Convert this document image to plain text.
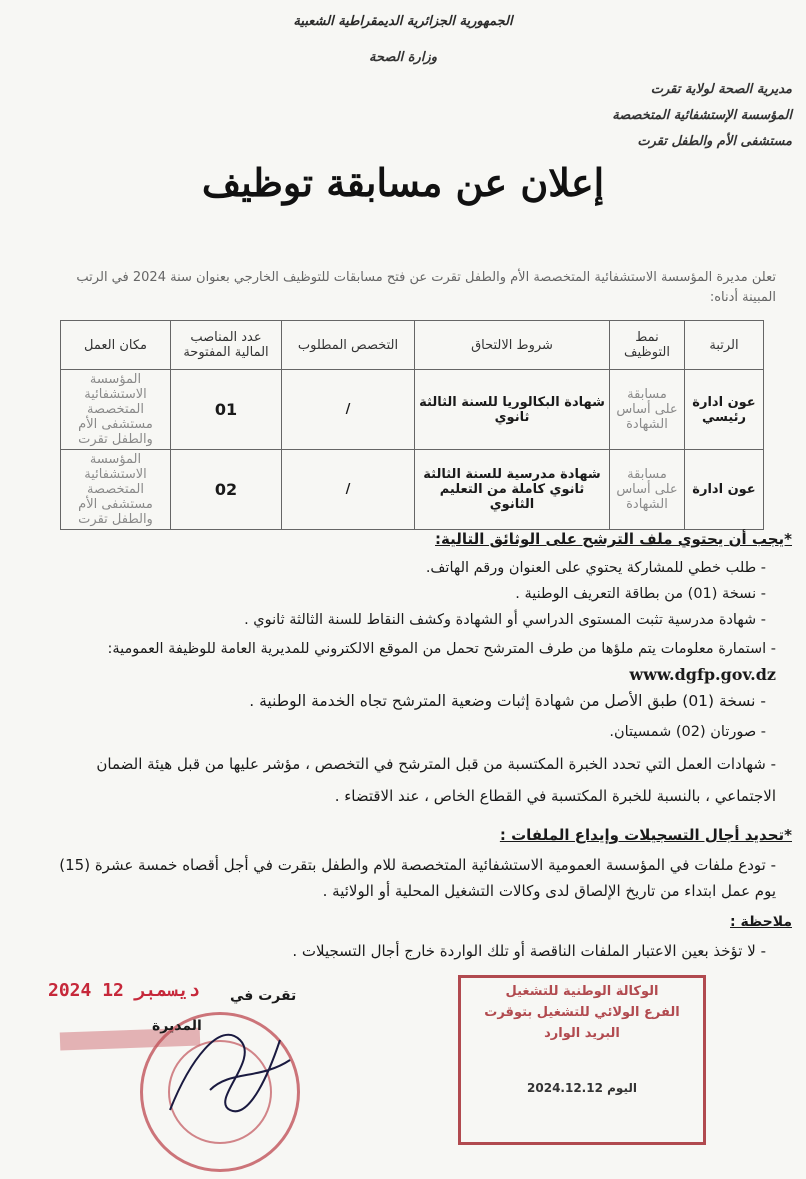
الجمهورية الجزائرية الديمقراطية الشعبية
وزارة الصحة
مديرية الصحة لولاية تقرت
المؤسسة الإستشفائية المتخصصة
مستشفى الأم والطفل تقرت
إعلان عن مسابقة توظيف
تعلن مديرة المؤسسة الاستشفائية المتخصصة الأم والطفل تقرت عن فتح مسابقات للتوظيف الخارجي بعنوان سنة 2024 في الرتب المبينة أدناه:
الرتبة	نمط التوظيف	شروط الالتحاق	التخصص المطلوب	عدد المناصب المالية المفتوحة	مكان العمل
عون ادارة رئيسي	مسابقة على أساس الشهادة	شهادة البكالوريا للسنة الثالثة ثانوي	/	01	المؤسسة الاستشفائية المتخصصة مستشفى الأم والطفل تقرت
عون ادارة	مسابقة على أساس الشهادة	شهادة مدرسية للسنة الثالثة ثانوي كاملة من التعليم الثانوي	/	02	المؤسسة الاستشفائية المتخصصة مستشفى الأم والطفل تقرت
*يجب أن يحتوي ملف الترشح على الوثائق التالية:
- طلب خطي للمشاركة يحتوي على العنوان ورقم الهاتف.
- نسخة (01) من بطاقة التعريف الوطنية .
- شهادة مدرسية تثبت المستوى الدراسي أو الشهادة وكشف النقاط للسنة الثالثة ثانوي .
- استمارة معلومات يتم ملؤها من طرف المترشح تحمل من الموقع الالكتروني للمديرية العامة للوظيفة العمومية: www.dgfp.gov.dz
- نسخة (01) طبق الأصل من شهادة إثبات وضعية المترشح تجاه الخدمة الوطنية .
- صورتان (02) شمسيتان.
- شهادات العمل التي تحدد الخبرة المكتسبة من قبل المترشح في التخصص ، مؤشر عليها من قبل هيئة الضمان الاجتماعي ، بالنسبة للخبرة المكتسبة في القطاع الخاص ، عند الاقتضاء .
*تحديد أجال التسجيلات وإيداع الملفات :
- تودع ملفات في المؤسسة العمومية الاستشفائية المتخصصة للام والطفل بتقرت في أجل أقصاه خمسة عشرة (15) يوم عمل ابتداء من تاريخ الإلصاق لدى وكالات التشغيل المحلية أو الولائية .
ملاحظة :
- لا تؤخذ بعين الاعتبار الملفات الناقصة أو تلك الواردة خارج أجال التسجيلات .
2024 ديسمبر 12 تقرت في
المديرة
الوكالة الوطنية للتشغيل
الفرع الولائي للتشغيل بتوقرت
البريد الوارد
اليوم 2024.12.12
